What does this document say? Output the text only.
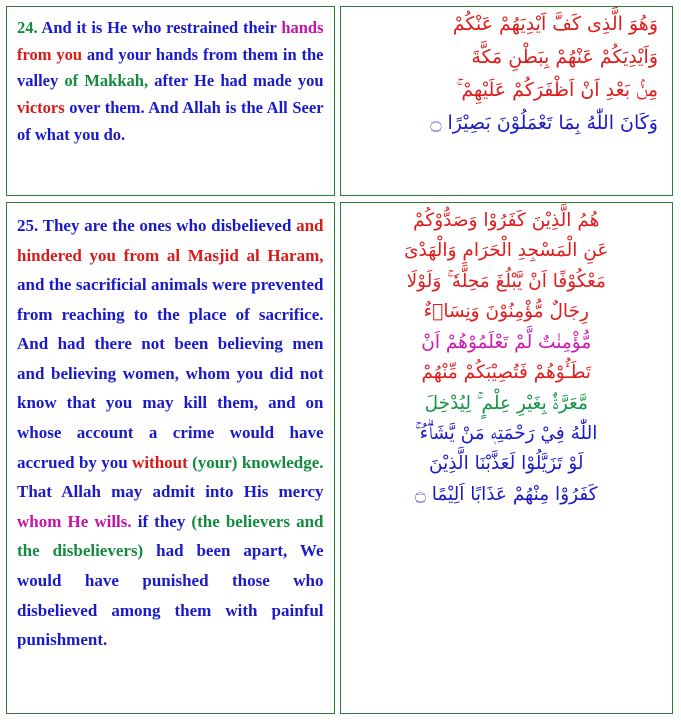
24. And it is He who restrained their hands from you and your hands from them in the valley of Makkah, after He had made you victors over them. And Allah is the All Seer of what you do.

وَهُوَ الَّذِى كَفَّ اَيْدِيَهُمْ عَنْكُمْ

وَاَيْدِيَكُمْ عَنْهُمْ بِبَطْنِ مَكَّةَ

مِنْۢ بَعْدِ اَنْ اَظْفَرَكُمْ عَلَيْهِمْ ۚ

وَكَانَ اللّٰهُ بِمَا تَعْمَلُوْنَ بَصِيْرًا ۝

25. They are the ones who disbelieved and hindered you from al Masjid al Haram, and the sacrificial animals were prevented from reaching to the place of sacrifice. And had there not been believing men and believing women, whom you did not know that you may kill them, and on whose account a crime would have accrued by you without (your) knowledge. That Allah may admit into His mercy whom He wills. if they (the believers and the disbelievers) had been apart, We would have punished those who disbelieved among them with painful punishment.

هُمُ الَّذِيْنَ كَفَرُوْا وَصَدُّوْكُمْ

عَنِ الْمَسْجِدِ الْحَرَامِ وَالْهَدْىَ

مَعْكُوْفًا اَنْ يَّبْلُغَ مَحِلَّهٗ ۚ وَلَوْلَا

رِجَالٌ مُّؤْمِنُوْنَ وَنِسَاۗءٌ

مُّؤْمِنٰتٌ لَّمْ تَعْلَمُوْهُمْ اَنْ

تَطَـُٔوْهُمْ فَتُصِيْبَكُمْ مِّنْهُمْ

مَّعَرَّةٌۢ بِغَيْرِ عِلْمٍ ۚ لِيُدْخِلَ

اللّٰهُ فِيْ رَحْمَتِهٖ مَنْ يَّشَاۗءُ ۚ

لَوْ تَزَيَّلُوْا لَعَذَّبْنَا الَّذِيْنَ

كَفَرُوْا مِنْهُمْ عَذَابًا اَلِيْمًا ۝
